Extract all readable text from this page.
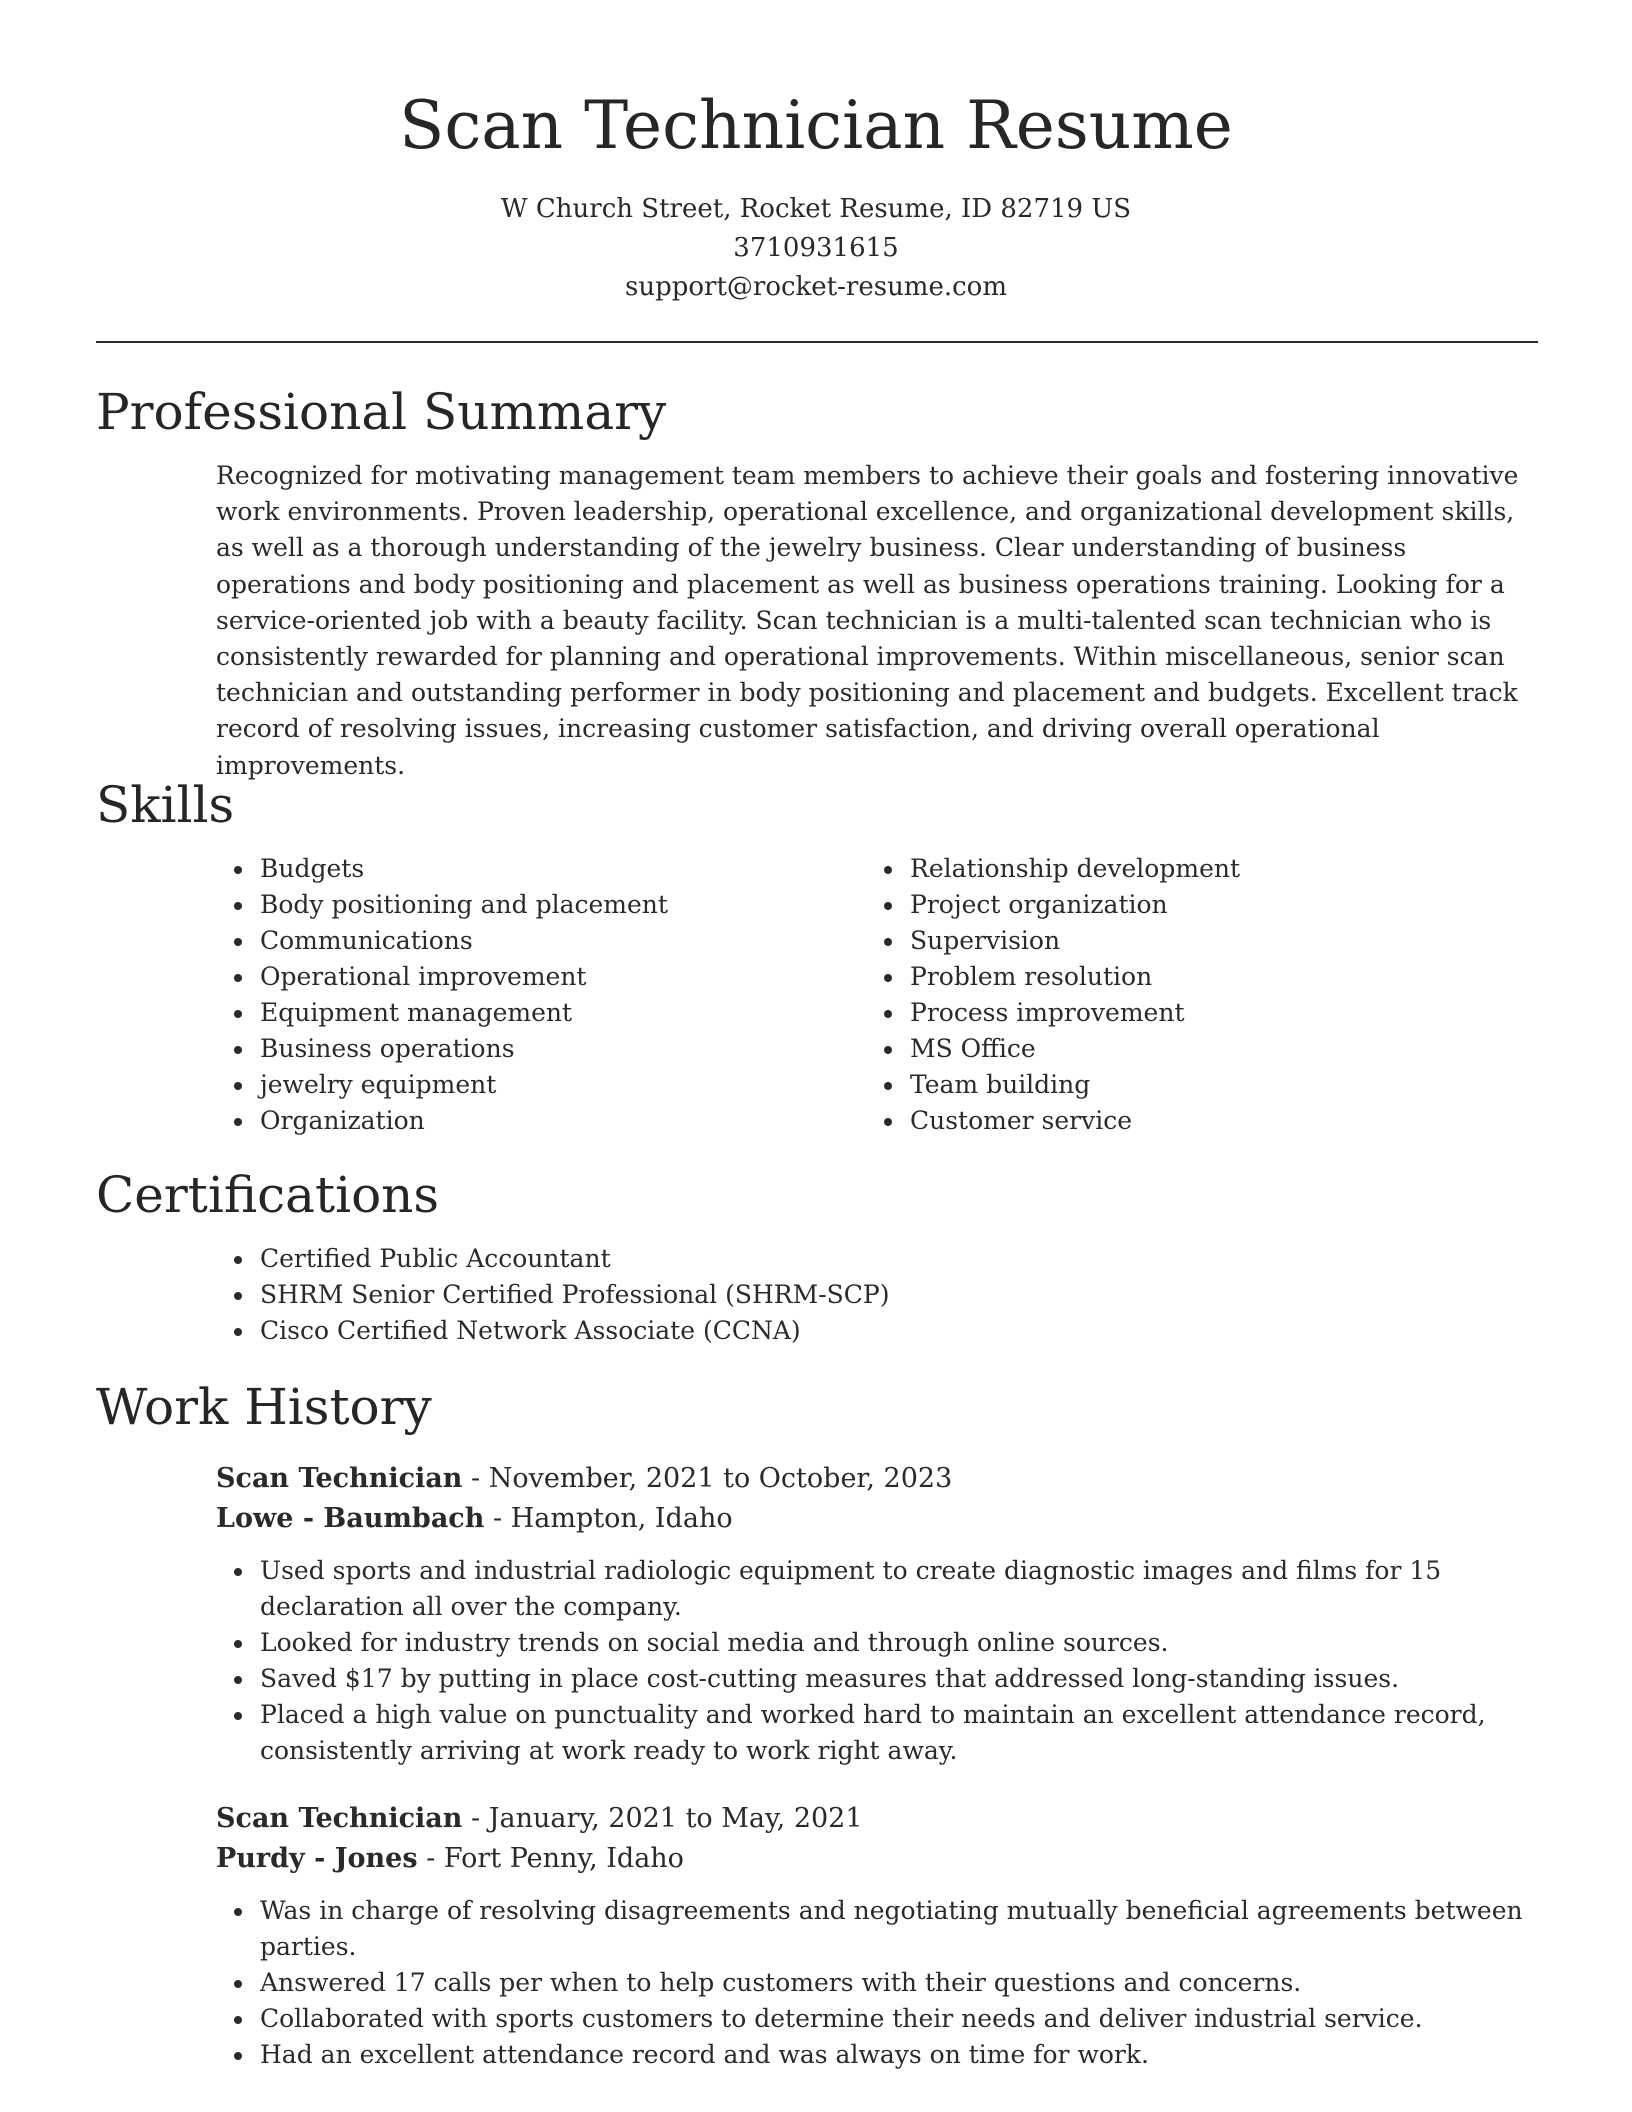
Scan Technician Resume
W Church Street, Rocket Resume, ID 82719 US
3710931615
support@rocket-resume.com
Professional Summary
Recognized for motivating management team members to achieve their goals and fostering innovative work environments. Proven leadership, operational excellence, and organizational development skills, as well as a thorough understanding of the jewelry business. Clear understanding of business operations and body positioning and placement as well as business operations training. Looking for a service-oriented job with a beauty facility. Scan technician is a multi-talented scan technician who is consistently rewarded for planning and operational improvements. Within miscellaneous, senior scan technician and outstanding performer in body positioning and placement and budgets. Excellent track record of resolving issues, increasing customer satisfaction, and driving overall operational improvements.
Skills
Budgets
Body positioning and placement
Communications
Operational improvement
Equipment management
Business operations
jewelry equipment
Organization
Relationship development
Project organization
Supervision
Problem resolution
Process improvement
MS Office
Team building
Customer service
Certifications
Certified Public Accountant
SHRM Senior Certified Professional (SHRM-SCP)
Cisco Certified Network Associate (CCNA)
Work History
Scan Technician - November, 2021 to October, 2023
Lowe - Baumbach - Hampton, Idaho
Used sports and industrial radiologic equipment to create diagnostic images and films for 15 declaration all over the company.
Looked for industry trends on social media and through online sources.
Saved $17 by putting in place cost-cutting measures that addressed long-standing issues.
Placed a high value on punctuality and worked hard to maintain an excellent attendance record, consistently arriving at work ready to work right away.
Scan Technician - January, 2021 to May, 2021
Purdy - Jones - Fort Penny, Idaho
Was in charge of resolving disagreements and negotiating mutually beneficial agreements between parties.
Answered 17 calls per when to help customers with their questions and concerns.
Collaborated with sports customers to determine their needs and deliver industrial service.
Had an excellent attendance record and was always on time for work.
